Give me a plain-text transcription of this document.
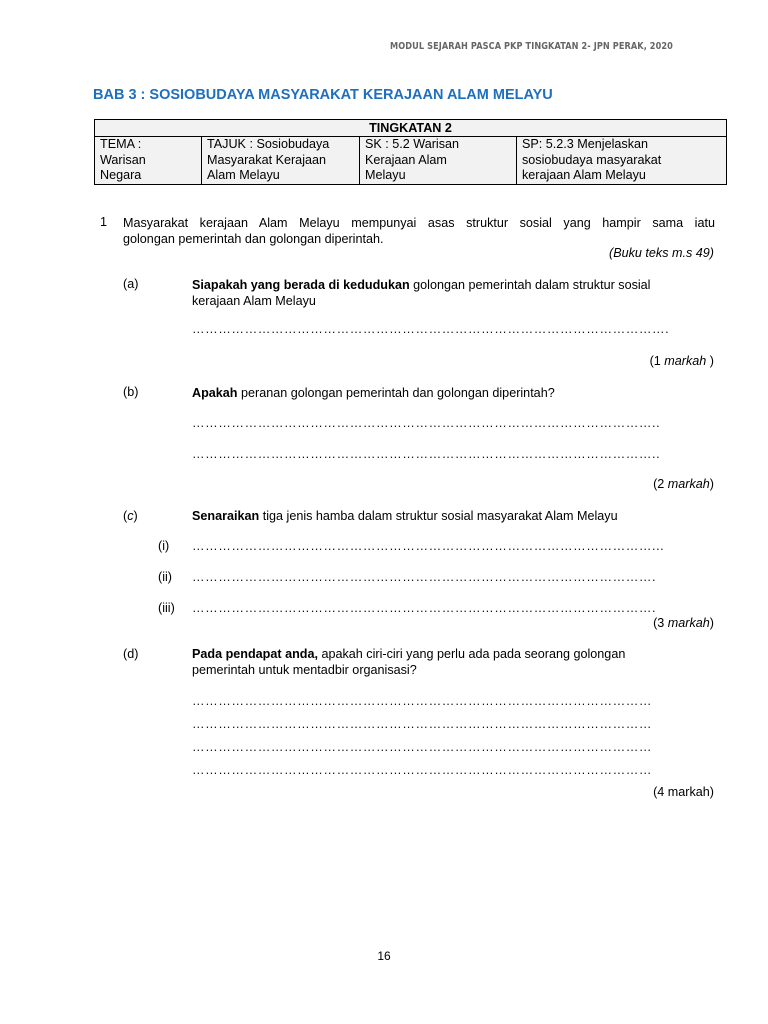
MODUL SEJARAH PASCA PKP TINGKATAN 2- JPN PERAK, 2020
BAB 3 : SOSIOBUDAYA MASYARAKAT KERAJAAN ALAM MELAYU
TINGKATAN 2

TEMA :
Warisan
Negara

TAJUK : Sosiobudaya
Masyarakat Kerajaan
Alam Melayu

SK : 5.2 Warisan
Kerajaan Alam
Melayu

SP: 5.2.3 Menjelaskan
sosiobudaya masyarakat
kerajaan Alam Melayu
1 Masyarakat kerajaan Alam Melayu mempunyai asas struktur sosial yang hampir sama iatu
golongan pemerintah dan golongan diperintah.
(Buku teks m.s 49)
(a)	Siapakah yang berada di kedudukan golongan pemerintah dalam struktur sosial
kerajaan Alam Melayu
……………………………………………………………………………………………….
(1 markah )
(b)	Apakah peranan golongan pemerintah dan golongan diperintah?
……………………………………………………………………………………………..
……………………………………………………………………………………………..
(2 markah)
(c)	Senaraikan tiga jenis hamba dalam struktur sosial masyarakat Alam Melayu
(i) ……………………………………………………………………………………………...
(ii) …………………………………………………………………………………………….
(iii) …………………………………………………………………………………………….
(3 markah)
(d)	Pada pendapat anda, apakah ciri-ciri yang perlu ada pada seorang golongan
pemerintah untuk mentadbir organisasi?
……………………………………………………………………………………………
……………………………………………………………………………………………
……………………………………………………………………………………………
……………………………………………………………………………………………
(4 markah)
16
